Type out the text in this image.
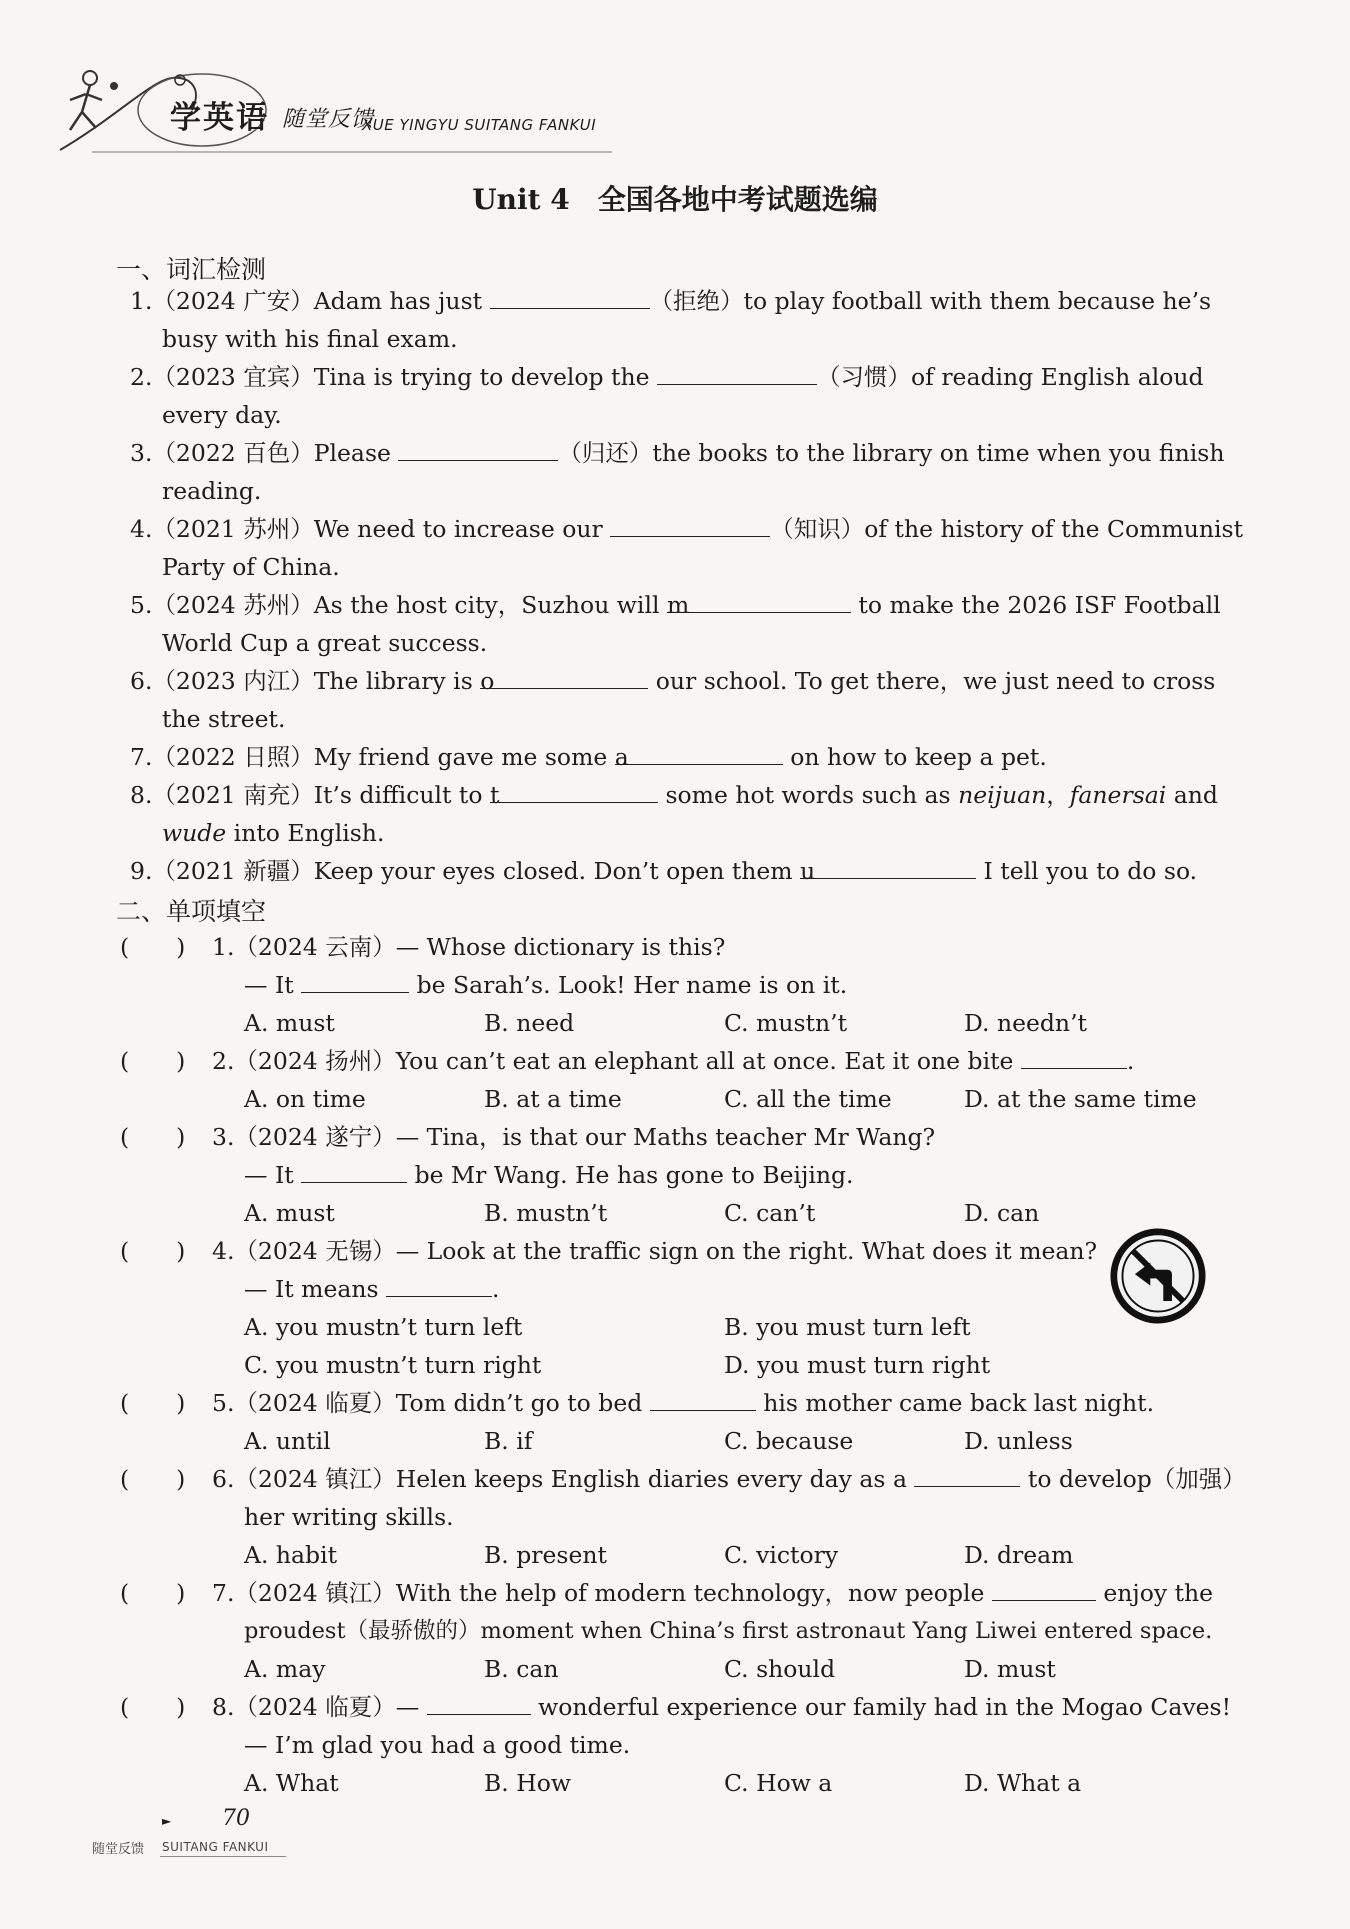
学英语 随堂反馈
XUE YINGYU SUITANG FANKUI
Unit 4　全国各地中考试题选编
一、词汇检测
1.（2024 广安）Adam has just	（拒绝）to play football with them because he’s
busy with his final exam.
2.（2023 宜宾）Tina is trying to develop the	（习惯）of reading English aloud
every day.
3.（2022 百色）Please	（归还）the books to the library on time when you finish
reading.
4.（2021 苏州）We need to increase our	（知识）of the history of the Communist
Party of China.
5.（2024 苏州）As the host city，Suzhou will m	to make the 2026 ISF Football
World Cup a great success.
6.（2023 内江）The library is o	our school. To get there，we just need to cross
the street.
7.（2022 日照）My friend gave me some a	on how to keep a pet.
8.（2021 南充）It’s difficult to t	some hot words such as neijuan，fanersai and
wude into English.
9.（2021 新疆）Keep your eyes closed. Don’t open them u	I tell you to do so.
二、单项填空
(　　) 1.（2024 云南）— Whose dictionary is this?
— It	be Sarah’s. Look! Her name is on it.
A. must	B. need	C. mustn’t	D. needn’t
(　　) 2.（2024 扬州）You can’t eat an elephant all at once. Eat it one bite	.
A. on time	B. at a time	C. all the time	D. at the same time
(　　) 3.（2024 遂宁）— Tina，is that our Maths teacher Mr Wang?
— It	be Mr Wang. He has gone to Beijing.
A. must	B. mustn’t	C. can’t	D. can
(　　) 4.（2024 无锡）— Look at the traffic sign on the right. What does it mean?
— It means	.
A. you mustn’t turn left	B. you must turn left
C. you mustn’t turn right	D. you must turn right
(　　) 5.（2024 临夏）Tom didn’t go to bed	his mother came back last night.
A. until	B. if	C. because	D. unless
(　　) 6.（2024 镇江）Helen keeps English diaries every day as a	to develop（加强）
her writing skills.
A. habit	B. present	C. victory	D. dream
(　　) 7.（2024 镇江）With the help of modern technology，now people	enjoy the
proudest（最骄傲的）moment when China’s first astronaut Yang Liwei entered space.
A. may	B. can	C. should	D. must
(　　) 8.（2024 临夏）—	wonderful experience our family had in the Mogao Caves!
— I’m glad you had a good time.
A. What	B. How	C. How a	D. What a
► 70
随堂反馈 SUITANG FANKUI
